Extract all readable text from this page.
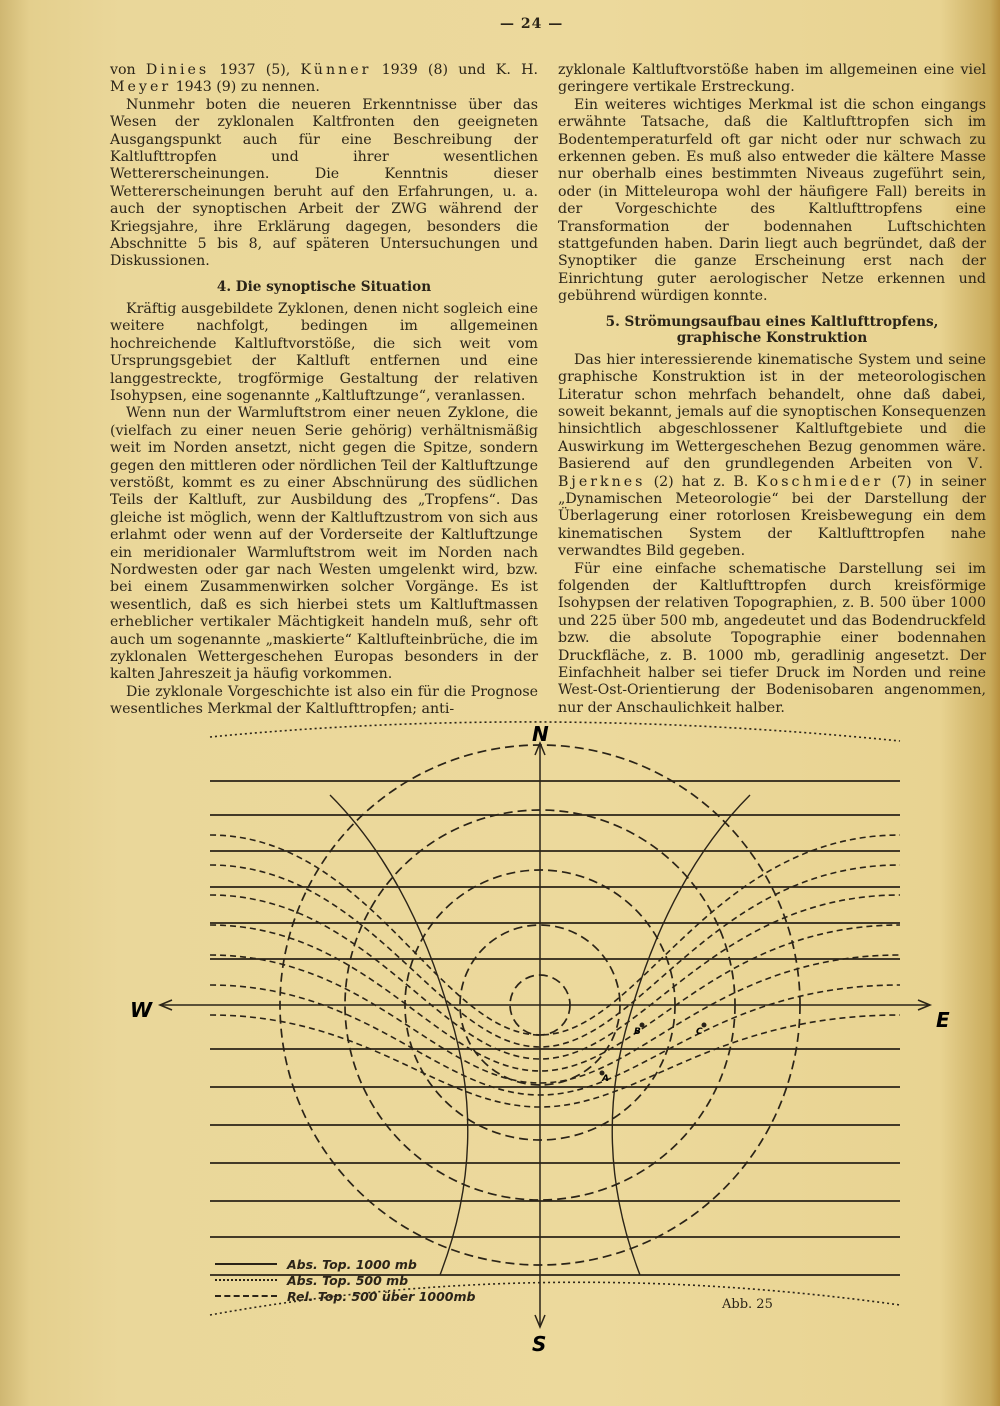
— 24 —

von Dinies 1937 (5), Künner 1939 (8) und K. H. Meyer 1943 (9) zu nennen.

Nunmehr boten die neueren Erkenntnisse über das Wesen der zyklonalen Kaltfronten den geeigneten Ausgangspunkt auch für eine Beschreibung der Kaltlufttropfen und ihrer wesentlichen Wettererscheinungen. Die Kenntnis dieser Wettererscheinungen beruht auf den Erfahrungen, u. a. auch der synoptischen Arbeit der ZWG während der Kriegsjahre, ihre Erklärung dagegen, besonders die Abschnitte 5 bis 8, auf späteren Untersuchungen und Diskussionen.

4. Die synoptische Situation

Kräftig ausgebildete Zyklonen, denen nicht sogleich eine weitere nachfolgt, bedingen im allgemeinen hochreichende Kaltluftvorstöße, die sich weit vom Ursprungsgebiet der Kaltluft entfernen und eine langgestreckte, trogförmige Gestaltung der relativen Isohypsen, eine sogenannte „Kaltluftzunge“, veranlassen.

Wenn nun der Warmluftstrom einer neuen Zyklone, die (vielfach zu einer neuen Serie gehörig) verhältnismäßig weit im Norden ansetzt, nicht gegen die Spitze, sondern gegen den mittleren oder nördlichen Teil der Kaltluftzunge verstößt, kommt es zu einer Abschnürung des südlichen Teils der Kaltluft, zur Ausbildung des „Tropfens“. Das gleiche ist möglich, wenn der Kaltluftzustrom von sich aus erlahmt oder wenn auf der Vorderseite der Kaltluftzunge ein meridionaler Warmluftstrom weit im Norden nach Nordwesten oder gar nach Westen umgelenkt wird, bzw. bei einem Zusammenwirken solcher Vorgänge. Es ist wesentlich, daß es sich hierbei stets um Kaltluftmassen erheblicher vertikaler Mächtigkeit handeln muß, sehr oft auch um sogenannte „maskierte“ Kaltlufteinbrüche, die im zyklonalen Wettergeschehen Europas besonders in der kalten Jahreszeit ja häufig vorkommen.

Die zyklonale Vorgeschichte ist also ein für die Prognose wesentliches Merkmal der Kaltlufttropfen; anti-

zyklonale Kaltluftvorstöße haben im allgemeinen eine viel geringere vertikale Erstreckung.

Ein weiteres wichtiges Merkmal ist die schon eingangs erwähnte Tatsache, daß die Kaltlufttropfen sich im Bodentemperaturfeld oft gar nicht oder nur schwach zu erkennen geben. Es muß also entweder die kältere Masse nur oberhalb eines bestimmten Niveaus zugeführt sein, oder (in Mitteleuropa wohl der häufigere Fall) bereits in der Vorgeschichte des Kaltlufttropfens eine Transformation der bodennahen Luftschichten stattgefunden haben. Darin liegt auch begründet, daß der Synoptiker die ganze Erscheinung erst nach der Einrichtung guter aerologischer Netze erkennen und gebührend würdigen konnte.

5. Strömungsaufbau eines Kaltlufttropfens,
graphische Konstruktion

Das hier interessierende kinematische System und seine graphische Konstruktion ist in der meteorologischen Literatur schon mehrfach behandelt, ohne daß dabei, soweit bekannt, jemals auf die synoptischen Konsequenzen hinsichtlich abgeschlossener Kaltluftgebiete und die Auswirkung im Wettergeschehen Bezug genommen wäre. Basierend auf den grundlegenden Arbeiten von V. Bjerknes (2) hat z. B. Koschmieder (7) in seiner „Dynamischen Meteorologie“ bei der Darstellung der Überlagerung einer rotorlosen Kreisbewegung ein dem kinematischen System der Kaltlufttropfen nahe verwandtes Bild gegeben.

Für eine einfache schematische Darstellung sei im folgenden der Kaltlufttropfen durch kreisförmige Isohypsen der relativen Topographien, z. B. 500 über 1000 und 225 über 500 mb, angedeutet und das Bodendruckfeld bzw. die absolute Topographie einer bodennahen Druckfläche, z. B. 1000 mb, geradlinig angesetzt. Der Einfachheit halber sei tiefer Druck im Norden und reine West-Ost-Orientierung der Bodenisobaren angenommen, nur der Anschaulichkeit halber.

N
S
W	E
A
B	C
Abs. Top. 1000 mb
Abs. Top. 500 mb
Rel. Top. 500 über 1000mb
Abb. 25
